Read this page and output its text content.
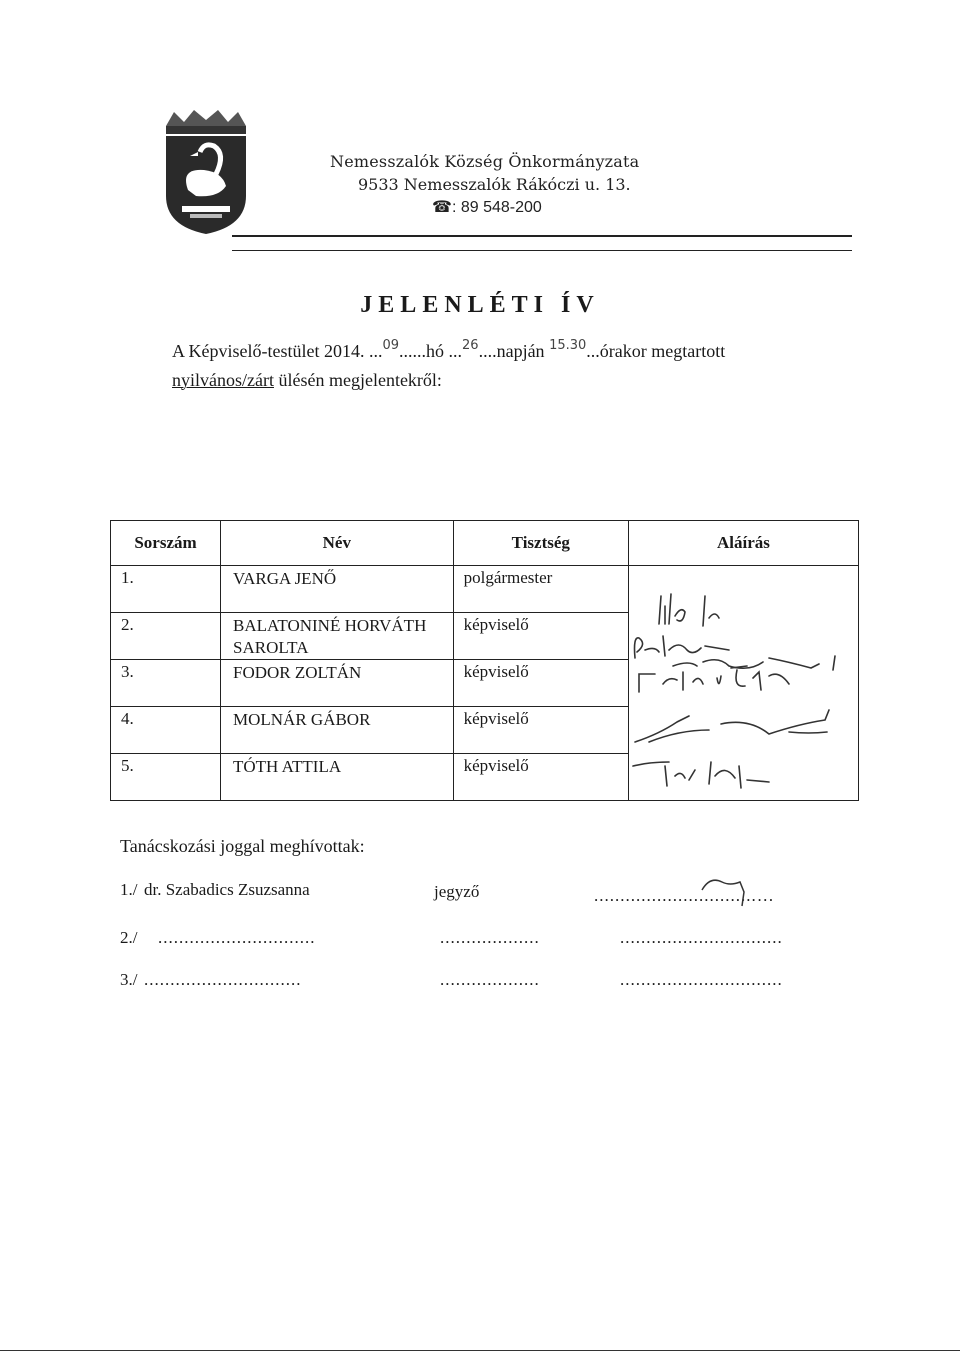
Nemesszalók Község Önkormányzata
9533 Nemesszalók Rákóczi u. 13.
☎: 89 548-200
JELENLÉTI ÍV
A Képviselő-testület 2014. ...$^{09}$......hó ...$^{26}$....napján $^{15.30}$...órakor megtartott
nyilvános/zárt ülésén megjelentekről:
Sorszám	Név	Tisztség	Aláírás
1.	VARGA JENŐ	polgármester	

2.	BALATONINÉ HORVÁTH SAROLTA	képviselő	
3.	FODOR ZOLTÁN	képviselő	
4.	MOLNÁR GÁBOR	képviselő	
5.	TÓTH ATTILA	képviselő	
Tanácskozási joggal meghívottak:
1./ dr. Szabadics Zsuzsanna	jegyző	...............................…
2./ ..............................	...................	...............................
3./ ..............................	...................	...............................
